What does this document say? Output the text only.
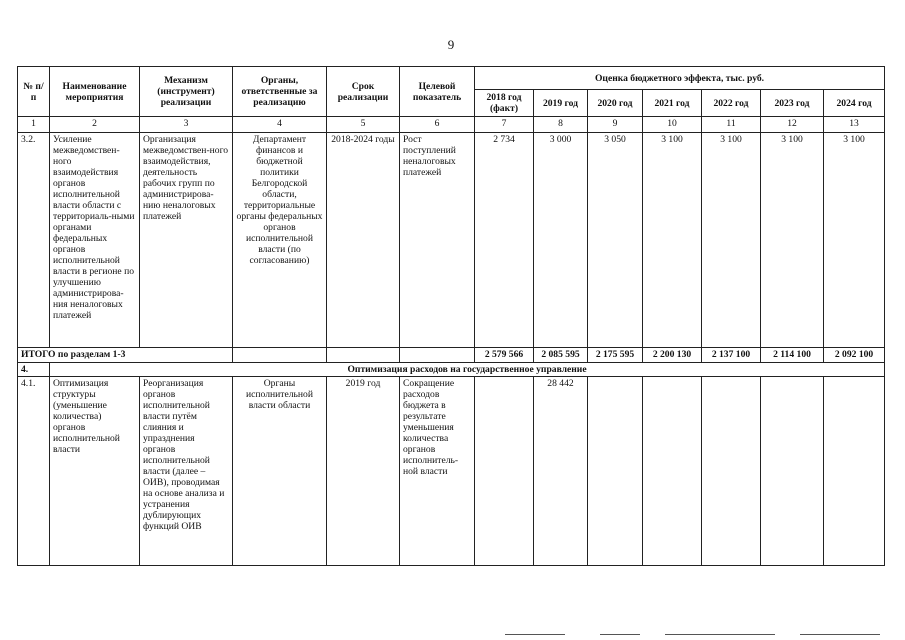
9
№ п/п	Наименование мероприятия	Механизм (инструмент) реализации	Органы, ответственные за реализацию	Срок реализации	Целевой показатель	Оценка бюджетного эффекта, тыс. руб.						
						2018 год (факт)	2019 год	2020 год	2021 год	2022 год	2023 год	2024 год
1	2	3	4	5	6	7	8	9	10	11	12	13
3.2.	Усиление межведомствен-ного взаимодействия органов исполнительной власти области с территориаль-ными органами федеральных органов исполнительной власти в регионе по улучшению администрирова-ния неналоговых платежей	Организация межведомствен-ного взаимодействия, деятельность рабочих групп по администрирова-нию неналоговых платежей	Департамент финансов и бюджетной политики Белгородской области, территориальные органы федеральных органов исполнительной власти (по согласованию)	2018-2024 годы	Рост поступлений неналоговых платежей	2 734	3 000	3 050	3 100	3 100	3 100	3 100
ИТОГО по разделам 1-3						2 579 566	2 085 595	2 175 595	2 200 130	2 137 100	2 114 100	2 092 100
4.	Оптимизация расходов на государственное управление											
4.1.	Оптимизация структуры (уменьшение количества) органов исполнительной власти	Реорганизация органов исполнительной власти путём слияния и упразднения органов исполнительной власти (далее – ОИВ), проводимая на основе анализа и устранения дублирующих функций ОИВ	Органы исполнительной власти области	2019 год	Сокращение расходов бюджета в результате уменьшения количества органов исполнитель-ной власти		28 442					
